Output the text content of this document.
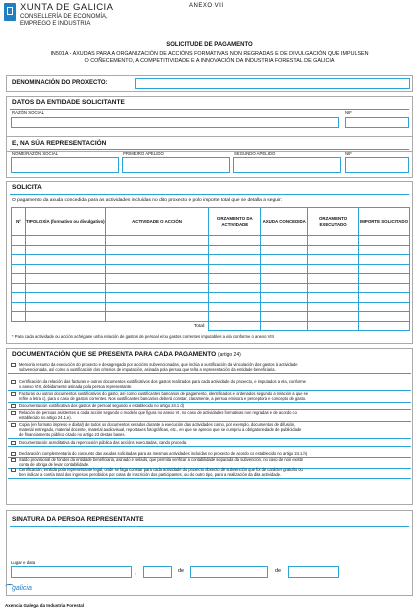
XUNTA DE GALICIA
CONSELLERÍA DE ECONOMÍA,
EMPREGO E INDUSTRIA
ANEXO VII
SOLICITUDE DE PAGAMENTO
IN501A - AXUDAS PARA A ORGANIZACIÓN DE ACCIÓNS FORMATIVAS NON REGRADAS E DE DIVULGACIÓN QUE IMPULSEN
O COÑECEMENTO, A COMPETITIVIDADE E A INNOVACIÓN DA INDUSTRIA FORESTAL DE GALICIA
DENOMINACIÓN DO PROXECTO:
DATOS DA ENTIDADE SOLICITANTE
RAZÓN SOCIAL	NIF
E, NA SÚA REPRESENTACIÓN
NOME/RAZÓN SOCIAL	PRIMEIRO APELIDO	SEGUNDO APELIDO	NIF
SOLICITA
O pagamento da axuda concedida para as actividades incluídas no dito proxecto e polo importe total que se detalla a seguir:
Nº	TIPOLOXÍA (formativo ou divulgativo)	ACTIVIDADE O ACCIÓN	ORZAMENTO DA ACTIVIDADE	AXUDA CONCEDIDA	ORZAMENTO EXECUTADO	IMPORTE SOLICITADO

Total:						
* Para cada actividade ou acción achégase unha relación de gastos de persoal e/ou gastos correntes imputables a ela conforme o anexo VIII
DOCUMENTACIÓN QUE SE PRESENTA PARA CADA PAGAMENTO (artigo 24)
Memoria resumo da execución do proxecto e desagregada por accións subvencionadas, que inclúa a xustificación da vinculación dos gastos á actividade
subvencionada, así como a xustificación dos criterios de imputación, asinada pola persoa que teña a representación da entidade beneficiaria.
Certificación da relación das facturas e outros documentos xustificativos dos gastos realizados para cada actividade do proxecto, e imputados a ela, conforme
o anexo VIII, debidamente asinada pola persoa representante.
Facturas ou outros documentos xustificativos do gasto, así como xustificantes bancarios de pagamento, identificados e ordenados segundo a relación a que se
refire a letra c), para o caso de gastos correntes. Nos xustificantes bancarios deberá constar, claramente, a persoa emisora e perceptora e concepto de gasto.
Documentación xustificativa dos gastos de persoal segundo o establecido no artigo 24.1 d)
Relación de persoas asistentes a cada acción segundo o modelo que figura no anexo VI, no caso de actividades formativas non regradas e de acordo co
establecido no artigo 24.1.e).
Copia (en formato impreso e dixital) de todos os documentos xerados durante a execución das actividades como, por exemplo, documentos de difusión,
material entregado, material docente, material audiovisual, reportaxes fotográficas, etc., en que se aprecie que se cumpriu a obrigatoriedade de publicidade
de financiamento público citado no artigo 23 destas bases.
Documentación acreditativa da repercusión pública das accións executadas, cando proceda.
Declaración complementaria do conxunto das axudas solicitadas para as mesmas actividades incluídas no proxecto de acordo co establecido no artigo 24.1.h)
Saldo provisional de fondos da entidade beneficiaria, asinado e selado, que permita verificar a contabilidade separada da subvención, no caso de non existir
conta de obriga de levar contabilidade.
Certificación, emitida pola representante legal, onde se faga constar para cada actividade do proxecto obxecto de subvención que foi de carácter gratuíto ou
ben indicar a contía total dos ingresos percibidos por cotas de inscrición dos participantes, ou do outro tipo, para a realización da dita actividade.
SINATURA DA PERSOA REPRESENTANTE
Lugar e data
,	de	de
galicia
Axencia Galega da Industria Forestal
